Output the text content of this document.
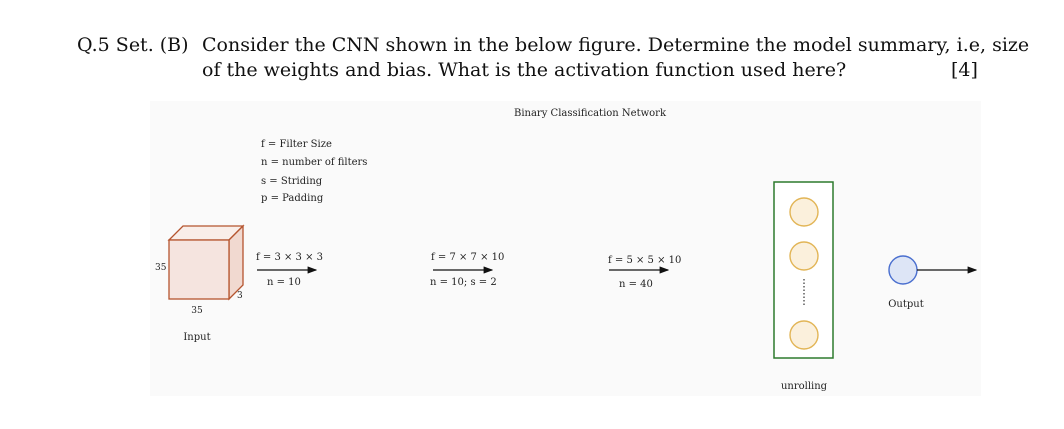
Q.5 Set. (B) Consider the CNN shown in the below figure. Determine the model summary, i.e, size
of the weights and bias. What is the activation function used here?	[4]
Binary Classification Network
f = Filter Size
n = number of filters
s = Striding
p = Padding
35
35
3
Input
f = 3 × 3 × 3
n = 10
f = 7 × 7 × 10
n = 10; s = 2
f = 5 × 5 × 10
n = 40
unrolling
Output
